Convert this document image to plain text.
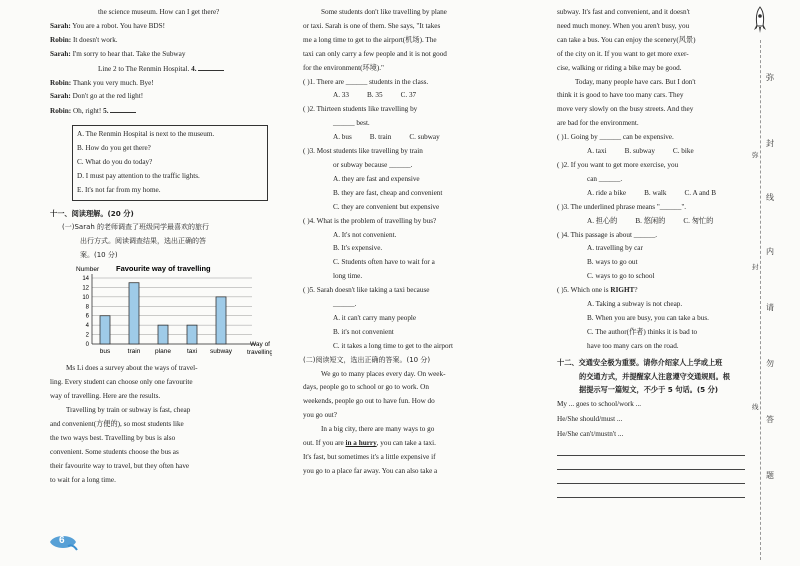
the science museum. How can I get there?
Sarah: You are a robot. You have BDS!
Robin: It doesn't work.
Sarah: I'm sorry to hear that. Take the Subway
Line 2 to The Renmin Hospital. 4.
Robin: Thank you very much. Bye!
Sarah: Don't go at the red light!
Robin: Oh, right! 5.
A. The Renmin Hospital is next to the museum.
B. How do you get there?
C. What do you do today?
D. I must pay attention to the traffic lights.
E. It's not far from my home.
十一、阅读理解。(20 分)
(一)Sarah 的老师调查了班级同学最喜欢的旅行
出行方式。阅读调查结果，选出正确的答
案。(10 分)
Favourite way of travelling
Number
0
2
4
6
8
10
12
14
bus	train plane taxi subway
Way of
travelling
Ms Li does a survey about the ways of travel-
ling. Every student can choose only one favourite
way of travelling. Here are the results.
Travelling by train or subway is fast, cheap
and convenient(方便的), so most students like
the two ways best. Travelling by bus is also
convenient. Some students choose the bus as
their favourite way to travel, but they often have
to wait for a long time.
Some students don't like travelling by plane
or taxi. Sarah is one of them. She says, "It takes
me a long time to get to the airport(机场). The
taxi can only carry a few people and it is not good
for the environment(环境)."
( )1. There are ______ students in the class.
A. 33	B. 35	C. 37
( )2. Thirteen students like travelling by
______ best.
A. bus	B. train	C. subway
( )3. Most students like travelling by train
or subway because ______.
A. they are fast and expensive
B. they are fast, cheap and convenient
C. they are convenient but expensive
( )4. What is the problem of travelling by bus?
A. It's not convenient.
B. It's expensive.
C. Students often have to wait for a
long time.
( )5. Sarah doesn't like taking a taxi because
______.
A. it can't carry many people
B. it's not convenient
C. it takes a long time to get to the airport
(二)阅读短文，选出正确的答案。(10 分)
We go to many places every day. On week-
days, people go to school or go to work. On
weekends, people go out to have fun. How do
you go out?
In a big city, there are many ways to go
out. If you are in a hurry, you can take a taxi.
It's fast, but sometimes it's a little expensive if
you go to a place far away. You can also take a
subway. It's fast and convenient, and it doesn't
need much money. When you aren't busy, you
can take a bus. You can enjoy the scenery(风景)
of the city on it. If you want to get more exer-
cise, walking or riding a bike may be good.
Today, many people have cars. But I don't
think it is good to have too many cars. They
move very slowly on the busy streets. And they
are bad for the environment.
( )1. Going by ______ can be expensive.
A. taxi	B. subway	C. bike
( )2. If you want to get more exercise, you
can ______.
A. ride a bike	B. walk	C. A and B
( )3. The underlined phrase means "______".
A. 担心的	B. 悠闲的	C. 匆忙的
( )4. This passage is about ______.
A. travelling by car
B. ways to go out
C. ways to go to school
( )5. Which one is RIGHT?
A. Taking a subway is not cheap.
B. When you are busy, you can take a bus.
C. The author(作者) thinks it is bad to
have too many cars on the road.
十二、交通安全极为重要。请你介绍家人上学或上班
的交通方式，并提醒家人注意遵守交通规则。根
据提示写一篇短文，不少于 5 句话。(5 分)
My ... goes to school/work ...
He/She should/must ...
He/She can't/mustn't ...
弥
封
线
内
请
勿
答
题
弥
封
线
6
